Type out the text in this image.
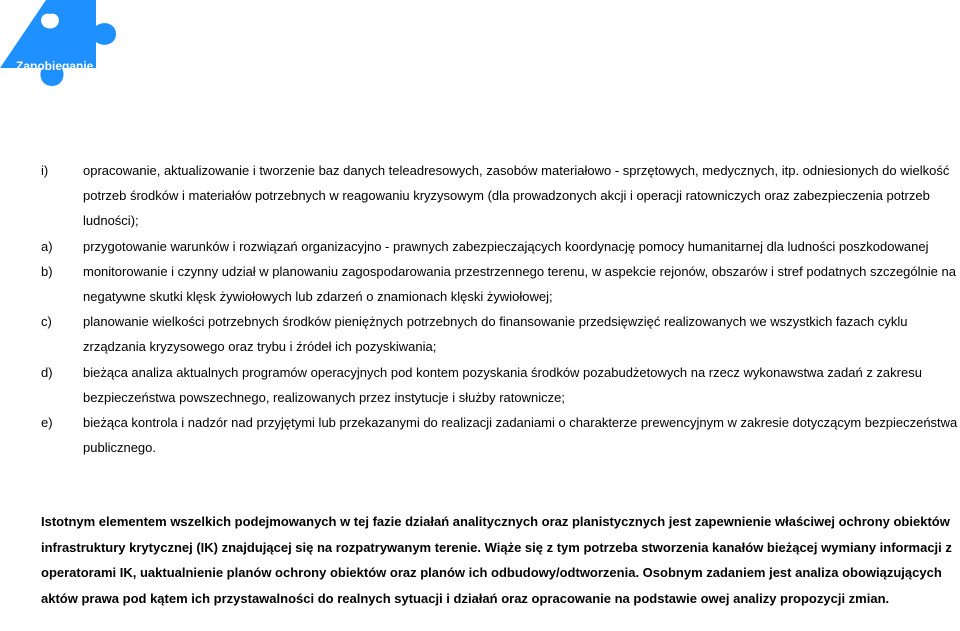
Zapobieganie
i)	opracowanie, aktualizowanie i tworzenie baz danych teleadresowych, zasobów materiałowo - sprzętowych, medycznych, itp. odniesionych do wielkość potrzeb środków i materiałów potrzebnych w reagowaniu kryzysowym (dla prowadzonych akcji i operacji ratowniczych oraz zabezpieczenia potrzeb ludności);
a)	przygotowanie warunków i rozwiązań organizacyjno - prawnych zabezpieczających koordynację pomocy humanitarnej dla ludności poszkodowanej
b)	monitorowanie i czynny udział w planowaniu zagospodarowania przestrzennego terenu, w aspekcie rejonów, obszarów i stref podatnych szczególnie na negatywne skutki klęsk żywiołowych lub zdarzeń o znamionach klęski żywiołowej;
c)	planowanie wielkości potrzebnych środków pieniężnych potrzebnych do finansowanie przedsięwzięć realizowanych we wszystkich fazach cyklu zrządzania kryzysowego oraz trybu i źródeł ich pozyskiwania;
d)	bieżąca analiza aktualnych programów operacyjnych pod kontem pozyskania środków pozabudżetowych na rzecz wykonawstwa zadań z zakresu bezpieczeństwa powszechnego, realizowanych przez instytucje i służby ratownicze;
e)	bieżąca kontrola i nadzór nad przyjętymi lub przekazanymi do realizacji zadaniami o charakterze prewencyjnym w zakresie dotyczącym bezpieczeństwa publicznego.

Istotnym elementem wszelkich podejmowanych w tej fazie działań analitycznych oraz planistycznych jest zapewnienie właściwej ochrony obiektów infrastruktury krytycznej (IK) znajdującej się na rozpatrywanym terenie. Wiąże się z tym potrzeba stworzenia kanałów bieżącej wymiany informacji z operatorami IK, uaktualnienie planów ochrony obiektów oraz planów ich odbudowy/odtworzenia. Osobnym zadaniem jest analiza obowiązujących aktów prawa pod kątem ich przystawalności do realnych sytuacji i działań oraz opracowanie na podstawie owej analizy propozycji zmian.
